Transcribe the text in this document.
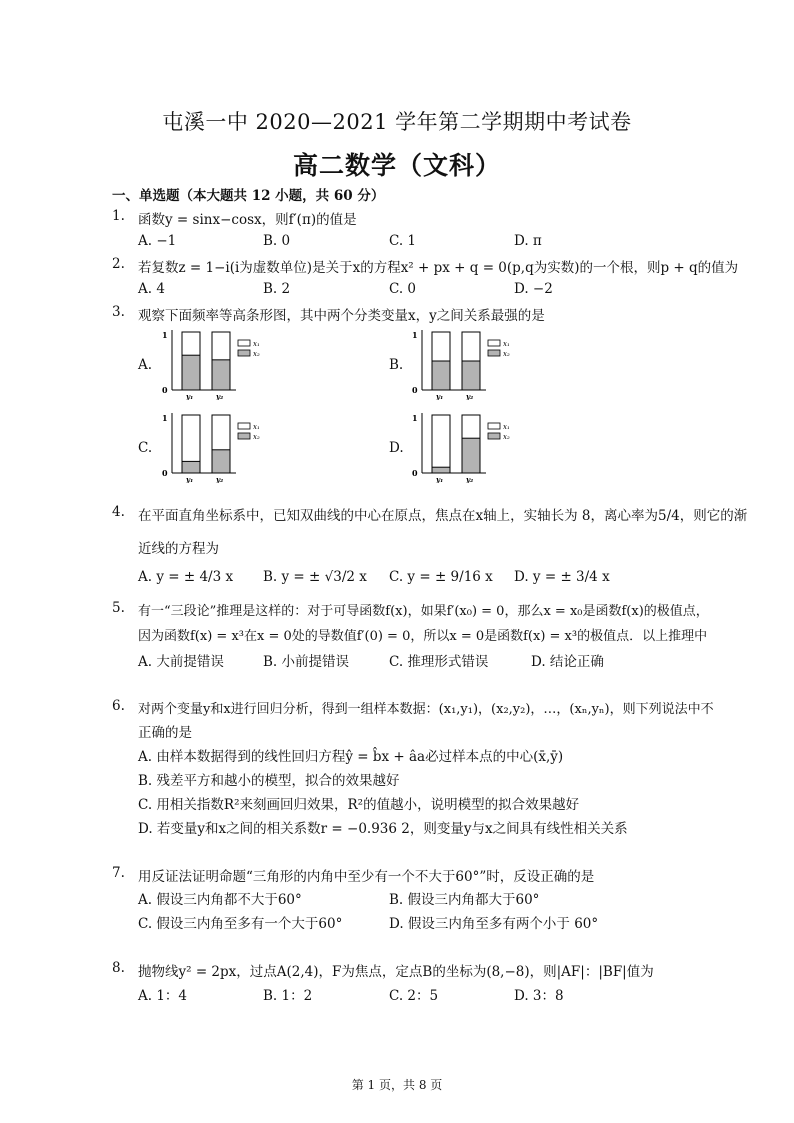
屯溪一中 2020—2021 学年第二学期期中考试卷
高二数学（文科）
一、单选题（本大题共 12 小题，共 60 分）
1. 函数y = sinx−cosx，则f′(π)的值是
A. −1	B. 0	C. 1	D. π
2. 若复数z = 1−i(i为虚数单位)是关于x的方程x² + px + q = 0(p,q为实数)的一个根，则p + q的值为
A. 4	B. 2	C. 0	D. −2
3. 观察下面频率等高条形图，其中两个分类变量x，y之间关系最强的是
A.	B.
C.	D.
1
0
y₁	y₂
x₁
x₂
1
0
y₁	y₂
x₁
x₂
1
0
y₁	y₂
x₁
x₂
1
0
y₁	y₂
x₁
x₂
4. 在平面直角坐标系中，已知双曲线的中心在原点，焦点在x轴上，实轴长为 8，离心率为5/4，则它的渐
近线的方程为
A. y = ± 4/3 x B. y = ± √3/2 x C. y = ± 9/16 x D. y = ± 3/4 x
5. 有一“三段论”推理是这样的：对于可导函数f(x)，如果f′(x₀) = 0，那么x = x₀是函数f(x)的极值点，
因为函数f(x) = x³在x = 0处的导数值f′(0) = 0，所以x = 0是函数f(x) = x³的极值点．以上推理中
A. 大前提错误	B. 小前提错误	C. 推理形式错误	D. 结论正确
6. 对两个变量y和x进行回归分析，得到一组样本数据：(x₁,y₁)，(x₂,y₂)，…，(xₙ,yₙ)，则下列说法中不
正确的是
A. 由样本数据得到的线性回归方程ŷ = b̂x + âa必过样本点的中心(x̄,ȳ)
B. 残差平方和越小的模型，拟合的效果越好
C. 用相关指数R²来刻画回归效果，R²的值越小，说明模型的拟合效果越好
D. 若变量y和x之间的相关系数r = −0.936 2，则变量y与x之间具有线性相关关系
7. 用反证法证明命题“三角形的内角中至少有一个不大于60°”时，反设正确的是
A. 假设三内角都不大于60°	B. 假设三内角都大于60°
C. 假设三内角至多有一个大于60°	D. 假设三内角至多有两个小于 60°
8. 抛物线y² = 2px，过点A(2,4)，F为焦点，定点B的坐标为(8,−8)，则|AF|：|BF|值为
A. 1：4	B. 1：2	C. 2：5	D. 3：8
第 1 页，共 8 页
